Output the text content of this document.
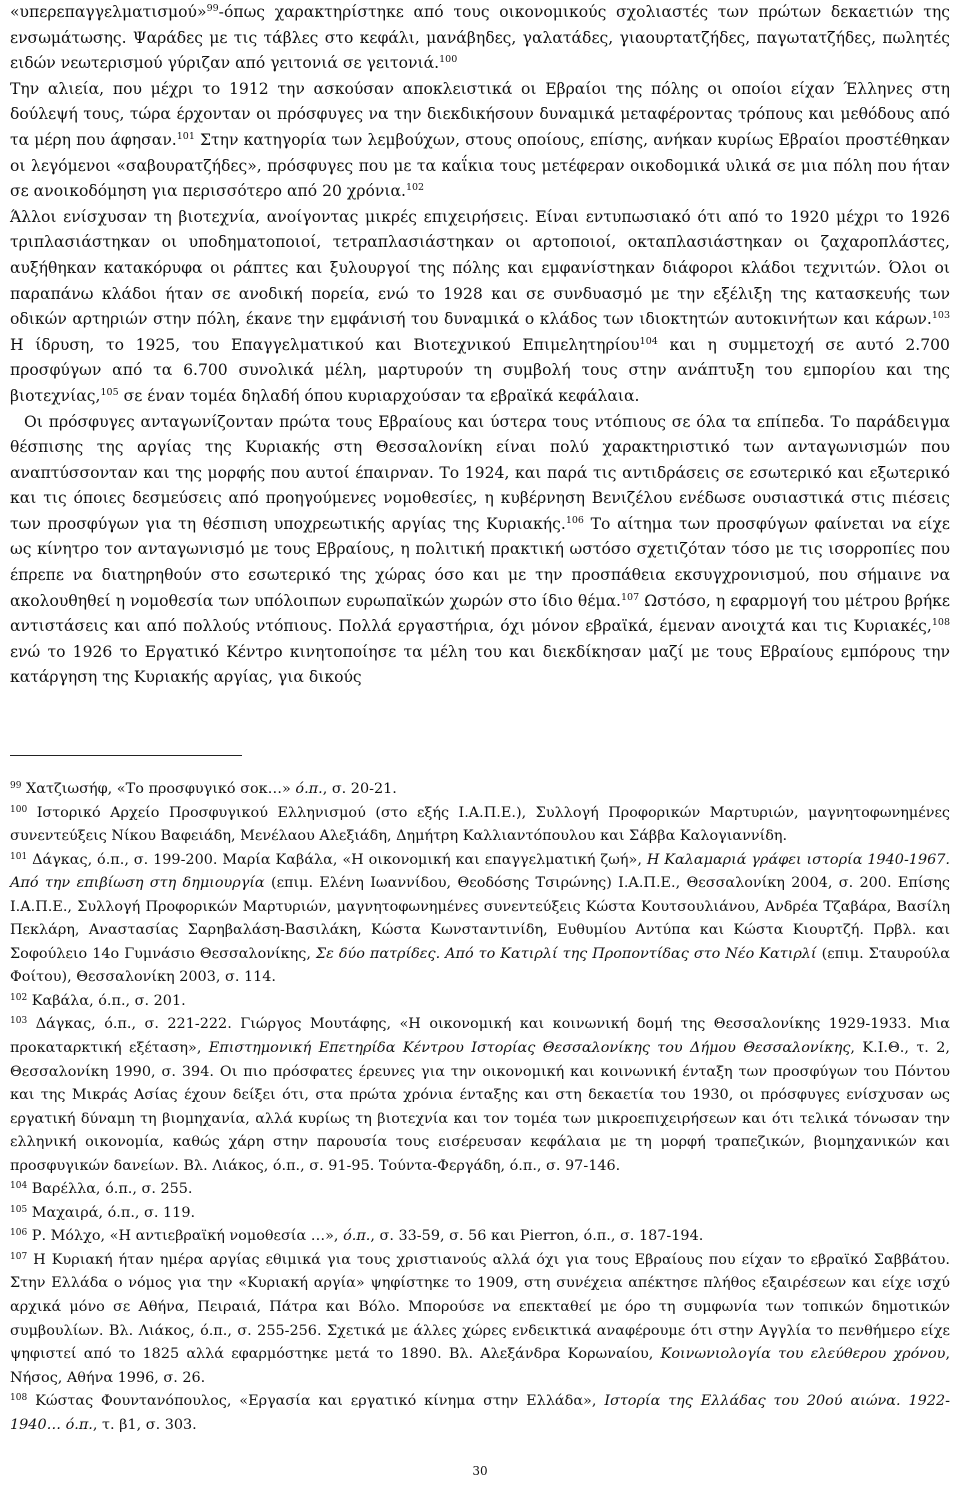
«υπερεπαγγελματισμού»$^{99}$-όπως χαρακτηρίστηκε από τους οικονομικούς σχολιαστές των πρώτων δεκαετιών της ενσωμάτωσης. Ψαράδες με τις τάβλες στο κεφάλι, μανάβηδες, γαλατάδες, γιαουρτατζήδες, παγωτατζήδες, πωλητές ειδών νεωτερισμού γύριζαν από γειτονιά σε γειτονιά.$^{100}$

Την αλιεία, που μέχρι το 1912 την ασκούσαν αποκλειστικά οι Εβραίοι της πόλης οι οποίοι είχαν Έλληνες στη δούλεψή τους, τώρα έρχονταν οι πρόσφυγες να την διεκδικήσουν δυναμικά μεταφέροντας τρόπους και μεθόδους από τα μέρη που άφησαν.$^{101}$ Στην κατηγορία των λεμβούχων, στους οποίους, επίσης, ανήκαν κυρίως Εβραίοι προστέθηκαν οι λεγόμενοι «σαβουρατζήδες», πρόσφυγες που με τα καΐκια τους μετέφεραν οικοδομικά υλικά σε μια πόλη που ήταν σε ανοικοδόμηση για περισσότερο από 20 χρόνια.$^{102}$

Άλλοι ενίσχυσαν τη βιοτεχνία, ανοίγοντας μικρές επιχειρήσεις. Είναι εντυπωσιακό ότι από το 1920 μέχρι το 1926 τριπλασιάστηκαν οι υποδηματοποιοί, τετραπλασιάστηκαν οι αρτοποιοί, οκταπλασιάστηκαν οι ζαχαροπλάστες, αυξήθηκαν κατακόρυφα οι ράπτες και ξυλουργοί της πόλης και εμφανίστηκαν διάφοροι κλάδοι τεχνιτών. Όλοι οι παραπάνω κλάδοι ήταν σε ανοδική πορεία, ενώ το 1928 και σε συνδυασμό με την εξέλιξη της κατασκευής των οδικών αρτηριών στην πόλη, έκανε την εμφάνισή του δυναμικά ο κλάδος των ιδιοκτητών αυτοκινήτων και κάρων.$^{103}$ Η ίδρυση, το 1925, του Επαγγελματικού και Βιοτεχνικού Επιμελητηρίου$^{104}$ και η συμμετοχή σε αυτό 2.700 προσφύγων από τα 6.700 συνολικά μέλη, μαρτυρούν τη συμβολή τους στην ανάπτυξη του εμπορίου και της βιοτεχνίας,$^{105}$ σε έναν τομέα δηλαδή όπου κυριαρχούσαν τα εβραϊκά κεφάλαια.

Οι πρόσφυγες ανταγωνίζονταν πρώτα τους Εβραίους και ύστερα τους ντόπιους σε όλα τα επίπεδα. Το παράδειγμα θέσπισης της αργίας της Κυριακής στη Θεσσαλονίκη είναι πολύ χαρακτηριστικό των ανταγωνισμών που αναπτύσσονταν και της μορφής που αυτοί έπαιρναν. Το 1924, και παρά τις αντιδράσεις σε εσωτερικό και εξωτερικό και τις όποιες δεσμεύσεις από προηγούμενες νομοθεσίες, η κυβέρνηση Βενιζέλου ενέδωσε ουσιαστικά στις πιέσεις των προσφύγων για τη θέσπιση υποχρεωτικής αργίας της Κυριακής.$^{106}$ Το αίτημα των προσφύγων φαίνεται να είχε ως κίνητρο τον ανταγωνισμό με τους Εβραίους, η πολιτική πρακτική ωστόσο σχετιζόταν τόσο με τις ισορροπίες που έπρεπε να διατηρηθούν στο εσωτερικό της χώρας όσο και με την προσπάθεια εκσυγχρονισμού, που σήμαινε να ακολουθηθεί η νομοθεσία των υπόλοιπων ευρωπαϊκών χωρών στο ίδιο θέμα.$^{107}$ Ωστόσο, η εφαρμογή του μέτρου βρήκε αντιστάσεις και από πολλούς ντόπιους. Πολλά εργαστήρια, όχι μόνον εβραϊκά, έμεναν ανοιχτά και τις Κυριακές,$^{108}$ ενώ το 1926 το Εργατικό Κέντρο κινητοποίησε τα μέλη του και διεκδίκησαν μαζί με τους Εβραίους εμπόρους την κατάργηση της Κυριακής αργίας, για δικούς

$^{99}$ Χατζιωσήφ, «Το προσφυγικό σοκ…» ό.π., σ. 20-21.

$^{100}$ Ιστορικό Αρχείο Προσφυγικού Ελληνισμού (στο εξής Ι.Α.Π.Ε.), Συλλογή Προφορικών Μαρτυριών, μαγνητοφωνημένες συνεντεύξεις Νίκου Βαφειάδη, Μενέλαου Αλεξιάδη, Δημήτρη Καλλιαντόπουλου και Σάββα Καλογιαννίδη.

$^{101}$ Δάγκας, ό.π., σ. 199-200. Μαρία Καβάλα, «Η οικονομική και επαγγελματική ζωή», Η Καλαμαριά γράφει ιστορία 1940-1967. Από την επιβίωση στη δημιουργία (επιμ. Ελένη Ιωαννίδου, Θεοδόσης Τσιρώνης) Ι.Α.Π.Ε., Θεσσαλονίκη 2004, σ. 200. Επίσης Ι.Α.Π.Ε., Συλλογή Προφορικών Μαρτυριών, μαγνητοφωνημένες συνεντεύξεις Κώστα Κουτσουλιάνου, Ανδρέα Τζαβάρα, Βασίλη Πεκλάρη, Αναστασίας Σαρηβαλάση-Βασιλάκη, Κώστα Κωνσταντινίδη, Ευθυμίου Αντύπα και Κώστα Κιουρτζή. Πρβλ. και Σοφούλειο 14ο Γυμνάσιο Θεσσαλονίκης, Σε δύο πατρίδες. Από το Κατιρλί της Προποντίδας στο Νέο Κατιρλί (επιμ. Σταυρούλα Φοίτου), Θεσσαλονίκη 2003, σ. 114.

$^{102}$ Καβάλα, ό.π., σ. 201.

$^{103}$ Δάγκας, ό.π., σ. 221-222. Γιώργος Μουτάφης, «Η οικονομική και κοινωνική δομή της Θεσσαλονίκης 1929-1933. Μια προκαταρκτική εξέταση», Επιστημονική Επετηρίδα Κέντρου Ιστορίας Θεσσαλονίκης του Δήμου Θεσσαλονίκης, Κ.Ι.Θ., τ. 2, Θεσσαλονίκη 1990, σ. 394. Οι πιο πρόσφατες έρευνες για την οικονομική και κοινωνική ένταξη των προσφύγων του Πόντου και της Μικράς Ασίας έχουν δείξει ότι, στα πρώτα χρόνια ένταξης και στη δεκαετία του 1930, οι πρόσφυγες ενίσχυσαν ως εργατική δύναμη τη βιομηχανία, αλλά κυρίως τη βιοτεχνία και τον τομέα των μικροεπιχειρήσεων και ότι τελικά τόνωσαν την ελληνική οικονομία, καθώς χάρη στην παρουσία τους εισέρευσαν κεφάλαια με τη μορφή τραπεζικών, βιομηχανικών και προσφυγικών δανείων. Βλ. Λιάκος, ό.π., σ. 91-95. Τούντα-Φεργάδη, ό.π., σ. 97-146.

$^{104}$ Βαρέλλα, ό.π., σ. 255.

$^{105}$ Μαχαιρά, ό.π., σ. 119.

$^{106}$ Ρ. Μόλχο, «Η αντιεβραϊκή νομοθεσία …», ό.π., σ. 33-59, σ. 56 και Pierron, ό.π., σ. 187-194.

$^{107}$ Η Κυριακή ήταν ημέρα αργίας εθιμικά για τους χριστιανούς αλλά όχι για τους Εβραίους που είχαν το εβραϊκό Σαββάτου. Στην Ελλάδα ο νόμος για την «Κυριακή αργία» ψηφίστηκε το 1909, στη συνέχεια απέκτησε πλήθος εξαιρέσεων και είχε ισχύ αρχικά μόνο σε Αθήνα, Πειραιά, Πάτρα και Βόλο. Μπορούσε να επεκταθεί με όρο τη συμφωνία των τοπικών δημοτικών συμβουλίων. Βλ. Λιάκος, ό.π., σ. 255-256. Σχετικά με άλλες χώρες ενδεικτικά αναφέρουμε ότι στην Αγγλία το πενθήμερο είχε ψηφιστεί από το 1825 αλλά εφαρμόστηκε μετά το 1890. Βλ. Αλεξάνδρα Κορωναίου, Κοινωνιολογία του ελεύθερου χρόνου, Νήσος, Αθήνα 1996, σ. 26.

$^{108}$ Κώστας Φουντανόπουλος, «Εργασία και εργατικό κίνημα στην Ελλάδα», Ιστορία της Ελλάδας του 20ού αιώνα. 1922-1940… ό.π., τ. β1, σ. 303.

30
